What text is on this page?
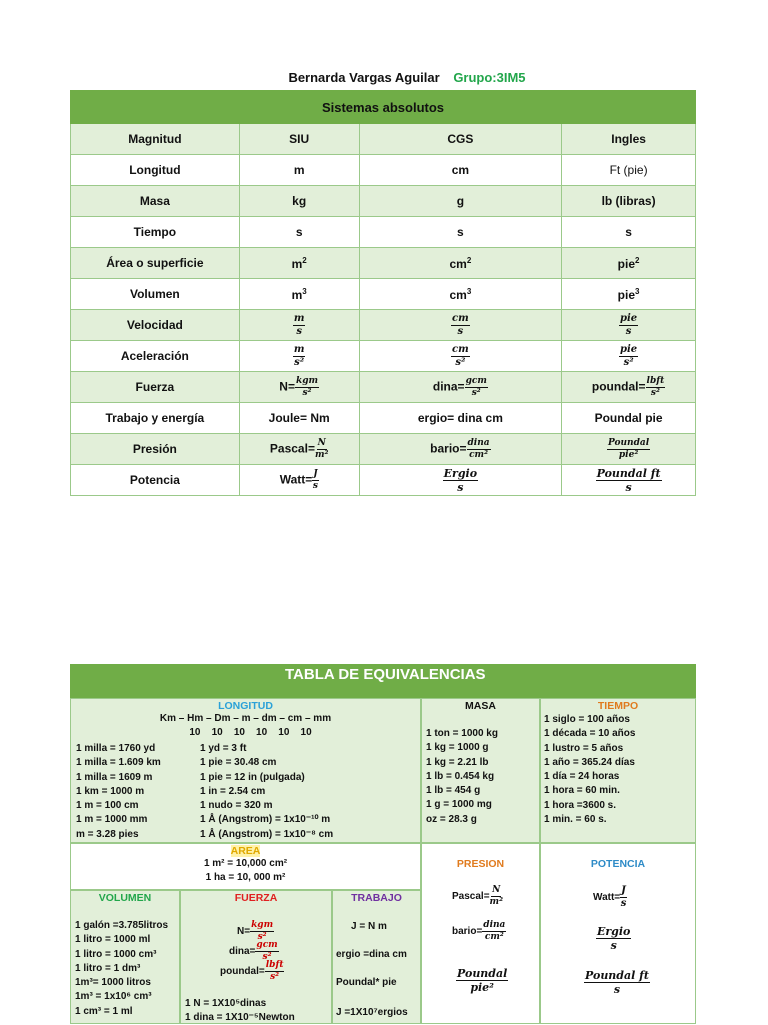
Bernarda Vargas Aguilar Grupo:3IM5
Sistemas absolutos			
Magnitud	SIU	CGS	Ingles
Longitud	m	cm	Ft (pie)
Masa	kg	g	lb (libras)
Tiempo	s	s	s
Área o superficie	$m^2$	$cm^2$	pie$^2$
Volumen	$m^3$	$cm^3$	pie$^3$
Velocidad	$\frac{m}{s}$	$\frac{cm}{s}$	$\frac{\text{pie}}{s}$

Aceleración	$\frac{m}{\text{s²}}$	$\frac{cm}{\text{s²}}$	$\frac{\text{pie}}{\text{s²}}$

Fuerza	$N= \frac{\text{kgm}}{\text{s²}}$	dina= $\frac{\text{gcm}}{\text{s²}}$	poundal= $\frac{\text{lbft}}{\text{s²}}$

Trabajo y energía	Joule= Nm	ergio= dina cm	Poundal pie
Presión	Pascal= $\frac{N}{\text{m²}}$	bario= $\frac{\text{dina}}{\text{cm²}}$	$\frac{\text{Poundal}}{\text{pie²}}$

Potencia	Watt= $\frac{J}{s}$	$\frac{\text{Ergio}}{s}$	$\frac{\text{Poundal ft}}{s}$
TABLA DE EQUIVALENCIAS
LONGITUD
Km – Hm – Dm – m – dm – cm – mm
10    10    10    10    10    10
1 milla = 1760 yd
1 milla = 1.609 km
1 milla = 1609 m
1 km = 1000 m
1 m = 100 cm
1 m = 1000 mm
m = 3.28 pies
1 yd = 3 ft
1 pie = 30.48 cm
1 pie = 12 in (pulgada)
1 in = 2.54 cm
1 nudo = 320 m
1 Å (Angstrom) = 1x10⁻¹⁰ m
1 Å (Angstrom) = 1x10⁻⁸ cm
MASA
1 ton = 1000 kg
1 kg = 1000 g
1 kg = 2.21 lb
1 lb = 0.454 kg
1 lb = 454 g
1 g = 1000 mg
oz = 28.3 g
TIEMPO
1 siglo = 100 años
1 década = 10 años
1 lustro = 5 años
1 año = 365.24 días
1 día = 24 horas
1 hora = 60 min.
1 hora =3600 s.
1 min. = 60 s.
AREA
1 m² = 10,000 cm²
1 ha = 10, 000 m²
PRESION
Pascal= $\frac{N}{\text{m²}}$
bario= $\frac{\text{dina}}{\text{cm²}}$
$\frac{\text{Poundal}}{\text{pie²}}$
POTENCIA
Watt= $\frac{J}{s}$
$\frac{\text{Ergio}}{s}$
$\frac{\text{Poundal ft}}{s}$
VOLUMEN
1 galón =3.785litros
1 litro = 1000 ml
1 litro = 1000 cm³
1 litro = 1 dm³
1m³= 1000 litros
1m³ = 1x10⁶ cm³
1 cm³ = 1 ml
FUERZA
$N= \frac{\text{kgm}}{\text{s²}}$
dina= $\frac{\text{gcm}}{\text{s²}}$
poundal= $\frac{\text{lbft}}{\text{s²}}$
1 N = 1X10⁵dinas
1 dina = 1X10⁻⁵Newton
TRABAJO
J = N m
ergio =dina cm
Poundal* pie
J =1X10⁷ergios
